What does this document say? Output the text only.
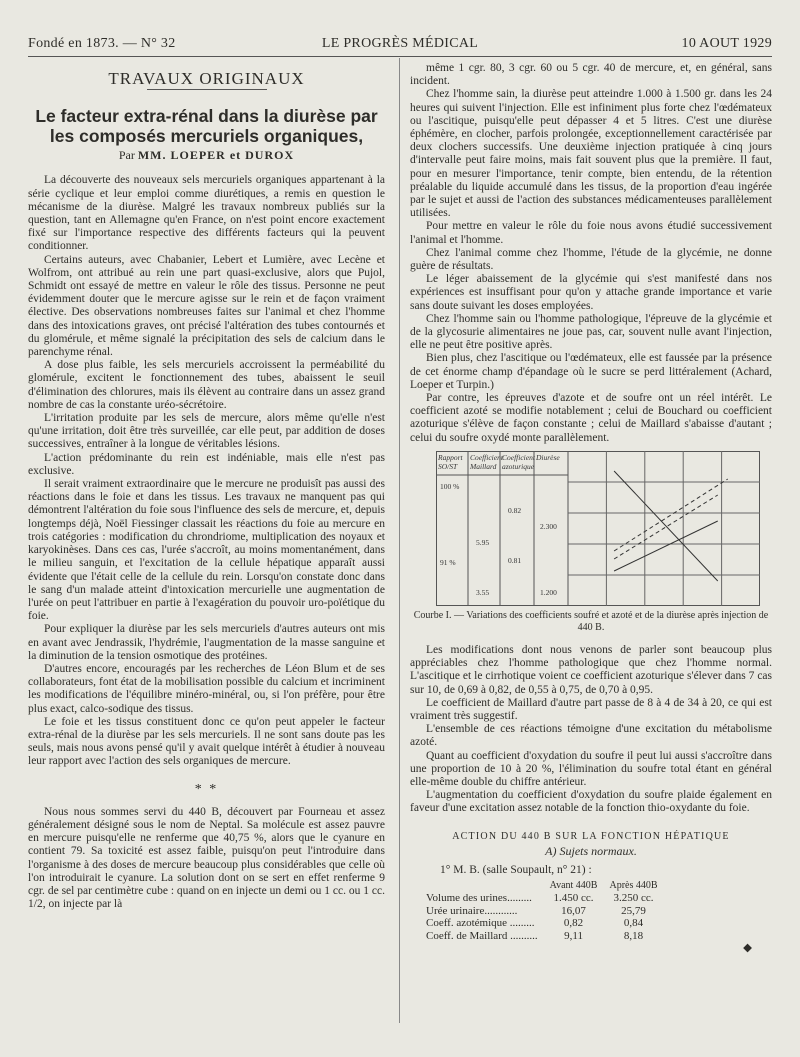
Fondé en 1873. — N° 32	LE PROGRÈS MÉDICAL	10 AOUT 1929

TRAVAUX ORIGINAUX

Le facteur extra-rénal dans la diurèse par les composés mercuriels organiques,

Par MM. LOEPER et DUROX

La découverte des nouveaux sels mercuriels organiques appartenant à la série cyclique et leur emploi comme diurétiques, a remis en question le mécanisme de la diurèse. Malgré les travaux nombreux publiés sur la question, tant en Allemagne qu'en France, on n'est point encore exactement fixé sur l'importance respective des différents facteurs qui la peuvent conditionner.

Certains auteurs, avec Chabanier, Lebert et Lumière, avec Lecène et Wolfrom, ont attribué au rein une part quasi-exclusive, alors que Pujol, Schmidt ont essayé de mettre en valeur le rôle des tissus. Personne ne peut évidemment douter que le mercure agisse sur le rein et de façon vraiment élective. Des observations nombreuses faites sur l'animal et chez l'homme dans des intoxications graves, ont précisé l'altération des tubes contournés et du glomérule, et même signalé la précipitation des sels de calcium dans le parenchyme rénal.

A dose plus faible, les sels mercuriels accroissent la perméabilité du glomérule, excitent le fonctionnement des tubes, abaissent le seuil d'élimination des chlorures, mais ils élèvent au contraire dans un assez grand nombre de cas la constante uréo-sécrétoire.

L'irritation produite par les sels de mercure, alors même qu'elle n'est qu'une irritation, doit être très surveillée, car elle peut, par addition de doses successives, entraîner à la longue de véritables lésions.

L'action prédominante du rein est indéniable, mais elle n'est pas exclusive.

Il serait vraiment extraordinaire que le mercure ne produisît pas aussi des réactions dans le foie et dans les tissus. Les travaux ne manquent pas qui démontrent l'altération du foie sous l'influence des sels de mercure, et, depuis longtemps déjà, Noël Fiessinger classait les réactions du foie au mercure en trois catégories : modification du chrondriome, multiplication des noyaux et karyokinèses. Dans ces cas, l'urée s'accroît, au moins momentanément, dans le milieu sanguin, et l'excitation de la cellule hépatique apparaît aussi évidente que l'était celle de la cellule du rein. Lorsqu'on constate donc dans le sang d'un malade atteint d'intoxication mercurielle une augmentation de l'urée on peut l'attribuer en partie à l'exagération du pouvoir uro-poïétique du foie.

Pour expliquer la diurèse par les sels mercuriels d'autres auteurs ont mis en avant avec Jendrassik, l'hydrémie, l'augmentation de la masse sanguine et la diminution de la tension osmotique des protéines.

D'autres encore, encouragés par les recherches de Léon Blum et de ses collaborateurs, font état de la mobilisation possible du calcium et incriminent les modifications de l'équilibre minéro-minéral, ou, si l'on préfère, pour être plus exact, calco-sodique des tissus.

Le foie et les tissus constituent donc ce qu'on peut appeler le facteur extra-rénal de la diurèse par les sels mercuriels. Il ne sont sans doute pas les seuls, mais nous avons pensé qu'il y avait quelque intérêt à étudier à nouveau leur rapport avec l'action des sels organiques de mercure.

* *

Nous nous sommes servi du 440 B, découvert par Fourneau et assez généralement désigné sous le nom de Neptal. Sa molécule est assez pauvre en mercure puisqu'elle ne renferme que 40,75 %, alors que le cyanure en contient 79. Sa toxicité est assez faible, puisqu'on peut l'introduire dans l'organisme à des doses de mercure beaucoup plus considérables que celle où l'on introduirait le cyanure. La solution dont on se sert en effet renferme 9 cgr. de sel par centimètre cube : quand on en injecte un demi ou 1 cc. ou 1 cc. 1/2, on injecte par là

même 1 cgr. 80, 3 cgr. 60 ou 5 cgr. 40 de mercure, et, en général, sans incident.

Chez l'homme sain, la diurèse peut atteindre 1.000 à 1.500 gr. dans les 24 heures qui suivent l'injection. Elle est infiniment plus forte chez l'œdémateux ou l'ascitique, puisqu'elle peut dépasser 4 et 5 litres. C'est une diurèse éphémère, en clocher, parfois prolongée, exceptionnellement caractérisée par deux clochers successifs. Une deuxième injection pratiquée à cinq jours d'intervalle peut faire moins, mais fait souvent plus que la première. Il faut, pour en mesurer l'importance, tenir compte, bien entendu, de la rétention préalable du liquide accumulé dans les tissus, de la proportion d'eau ingérée par le sujet et aussi de l'action des substances médicamenteuses parallèlement utilisées.

Pour mettre en valeur le rôle du foie nous avons étudié successivement l'animal et l'homme.

Chez l'animal comme chez l'homme, l'étude de la glycémie, ne donne guère de résultats.

Le léger abaissement de la glycémie qui s'est manifesté dans nos expériences est insuffisant pour qu'on y attache grande importance et varie sans doute suivant les doses employées.

Chez l'homme sain ou l'homme pathologique, l'épreuve de la glycémie et de la glycosurie alimentaires ne joue pas, car, souvent nulle avant l'injection, elle ne peut être positive après.

Bien plus, chez l'ascitique ou l'œdémateux, elle est faussée par la présence de cet énorme champ d'épandage où le sucre se perd littéralement (Achard, Loeper et Turpin.)

Par contre, les épreuves d'azote et de soufre ont un réel intérêt. Le coefficient azoté se modifie notablement ; celui de Bouchard ou coefficient azoturique s'élève de façon constante ; celui de Maillard s'abaisse d'autant ; celui du soufre oxydé monte parallèlement.

Rapport
SO/ST
Coefficient
Maillard
Coefficient
azoturique
Diurèse
100 %
91 %
5.95
3.55
0.82
0.81
2.300
1.200

Courbe I. — Variations des coefficients soufré et azoté et de la diurèse après injection de 440 B.

Les modifications dont nous venons de parler sont beaucoup plus appréciables chez l'homme pathologique que chez l'homme normal. L'ascitique et le cirrhotique voient ce coefficient azoturique s'élever dans 7 cas sur 10, de 0,69 à 0,82, de 0,55 à 0,75, de 0,70 à 0,95.

Le coefficient de Maillard d'autre part passe de 8 à 4 de 34 à 20, ce qui est vraiment très suggestif.

L'ensemble de ces réactions témoigne d'une excitation du métabolisme azoté.

Quant au coefficient d'oxydation du soufre il peut lui aussi s'accroître dans une proportion de 10 à 20 %, l'élimination du soufre total étant en général elle-même double du chiffre antérieur.

L'augmentation du coefficient d'oxydation du soufre plaide également en faveur d'une excitation assez notable de la fonction thio-oxydante du foie.

ACTION DU 440 B SUR LA FONCTION HÉPATIQUE

A) Sujets normaux.

1° M. B. (salle Soupault, n° 21) :

	Avant 440B	Après 440B
Volume des urines.........	1.450 cc.	3.250 cc.
Urée urinaire............	16,07	25,79
Coeff. azotémique .........	0,82	0,84
Coeff. de Maillard ..........	9,11	8,18

◆
